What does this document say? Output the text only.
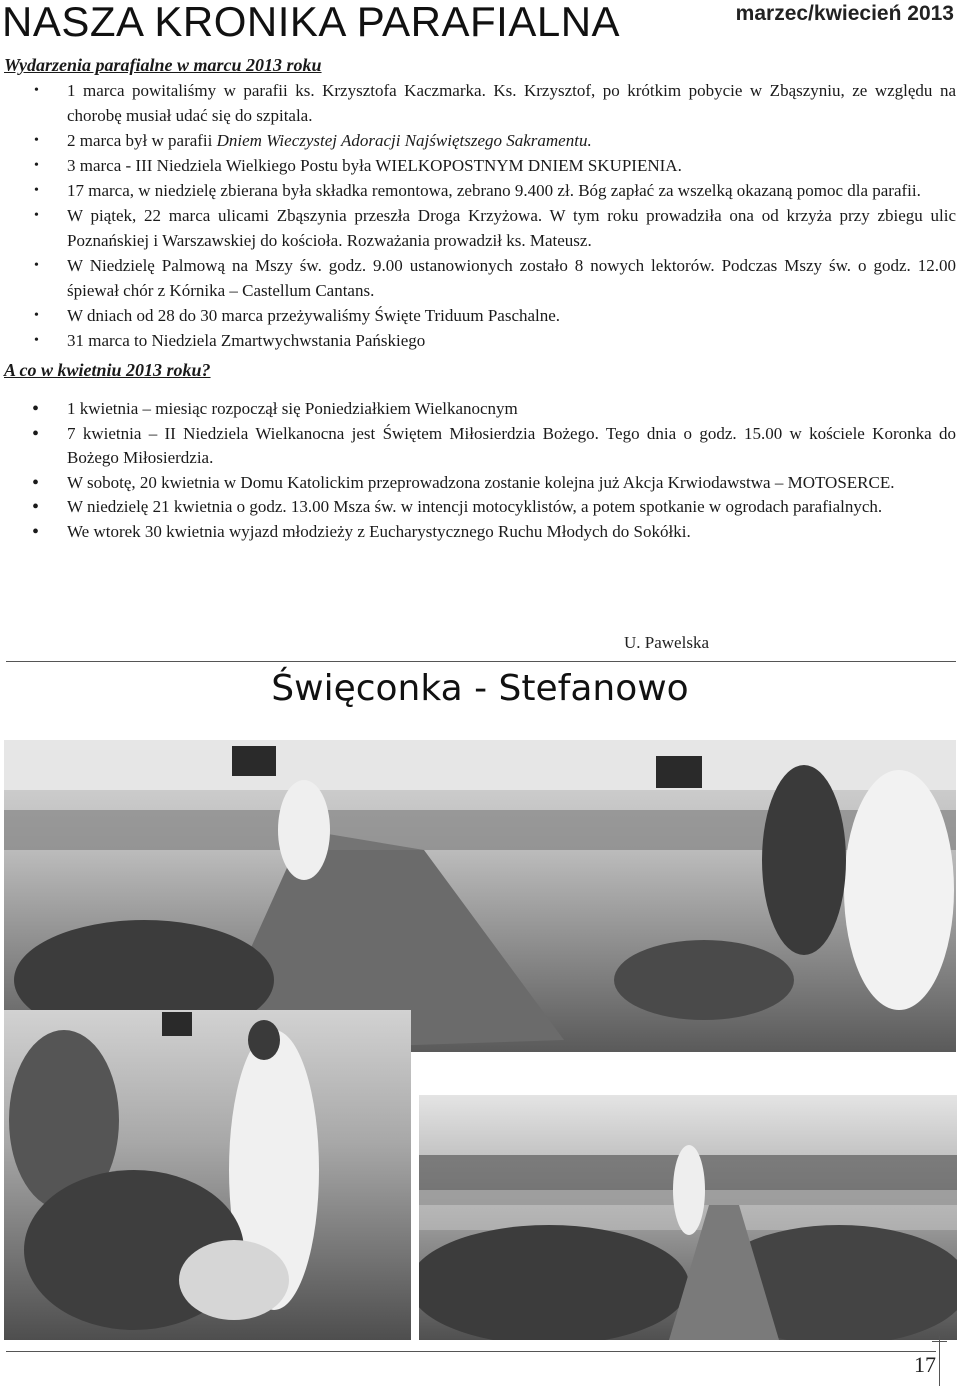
NASZA KRONIKA PARAFIALNA	marzec/kwiecień 2013
Wydarzenia parafialne w marcu 2013 roku
• 1 marca powitaliśmy w parafii ks. Krzysztofa Kaczmarka. Ks. Krzysztof, po krótkim pobycie w Zbąszyniu, ze względu na chorobę musiał udać się do szpitala.
• 2 marca był w parafii Dniem Wieczystej Adoracji Najświętszego Sakramentu.
• 3 marca - III Niedziela Wielkiego Postu była WIELKOPOSTNYM DNIEM SKUPIENIA.
• 17 marca, w niedzielę zbierana była składka remontowa, zebrano 9.400 zł. Bóg zapłać za wszelką okazaną pomoc dla parafii.
• W piątek, 22 marca ulicami Zbąszynia przeszła Droga Krzyżowa. W tym roku prowadziła ona od krzyża przy zbiegu ulic Poznańskiej i Warszawskiej do kościoła. Rozważania prowadził ks. Mateusz.
• W Niedzielę Palmową na Mszy św. godz. 9.00 ustanowionych zostało 8 nowych lektorów. Podczas Mszy św. o godz. 12.00 śpiewał chór z Kórnika – Castellum Cantans.
• W dniach od 28 do 30 marca przeżywaliśmy Święte Triduum Paschalne.
• 31 marca to Niedziela Zmartwychwstania Pańskiego
A co w kwietniu 2013 roku?
• 1 kwietnia – miesiąc rozpoczął się Poniedziałkiem Wielkanocnym
• 7 kwietnia – II Niedziela Wielkanocna jest Świętem Miłosierdzia Bożego. Tego dnia o godz. 15.00 w kościele Koronka do Bożego Miłosierdzia.
• W sobotę, 20 kwietnia w Domu Katolickim przeprowadzona zostanie kolejna już Akcja Krwiodawstwa – MOTOSERCE.
• W niedzielę 21 kwietnia o godz. 13.00 Msza św. w intencji motocyklistów, a potem spotkanie w ogrodach parafialnych.
• We wtorek 30 kwietnia wyjazd młodzieży z Eucharystycznego Ruchu Młodych do Sokółki.
U. Pawelska
Święconka - Stefanowo
17
